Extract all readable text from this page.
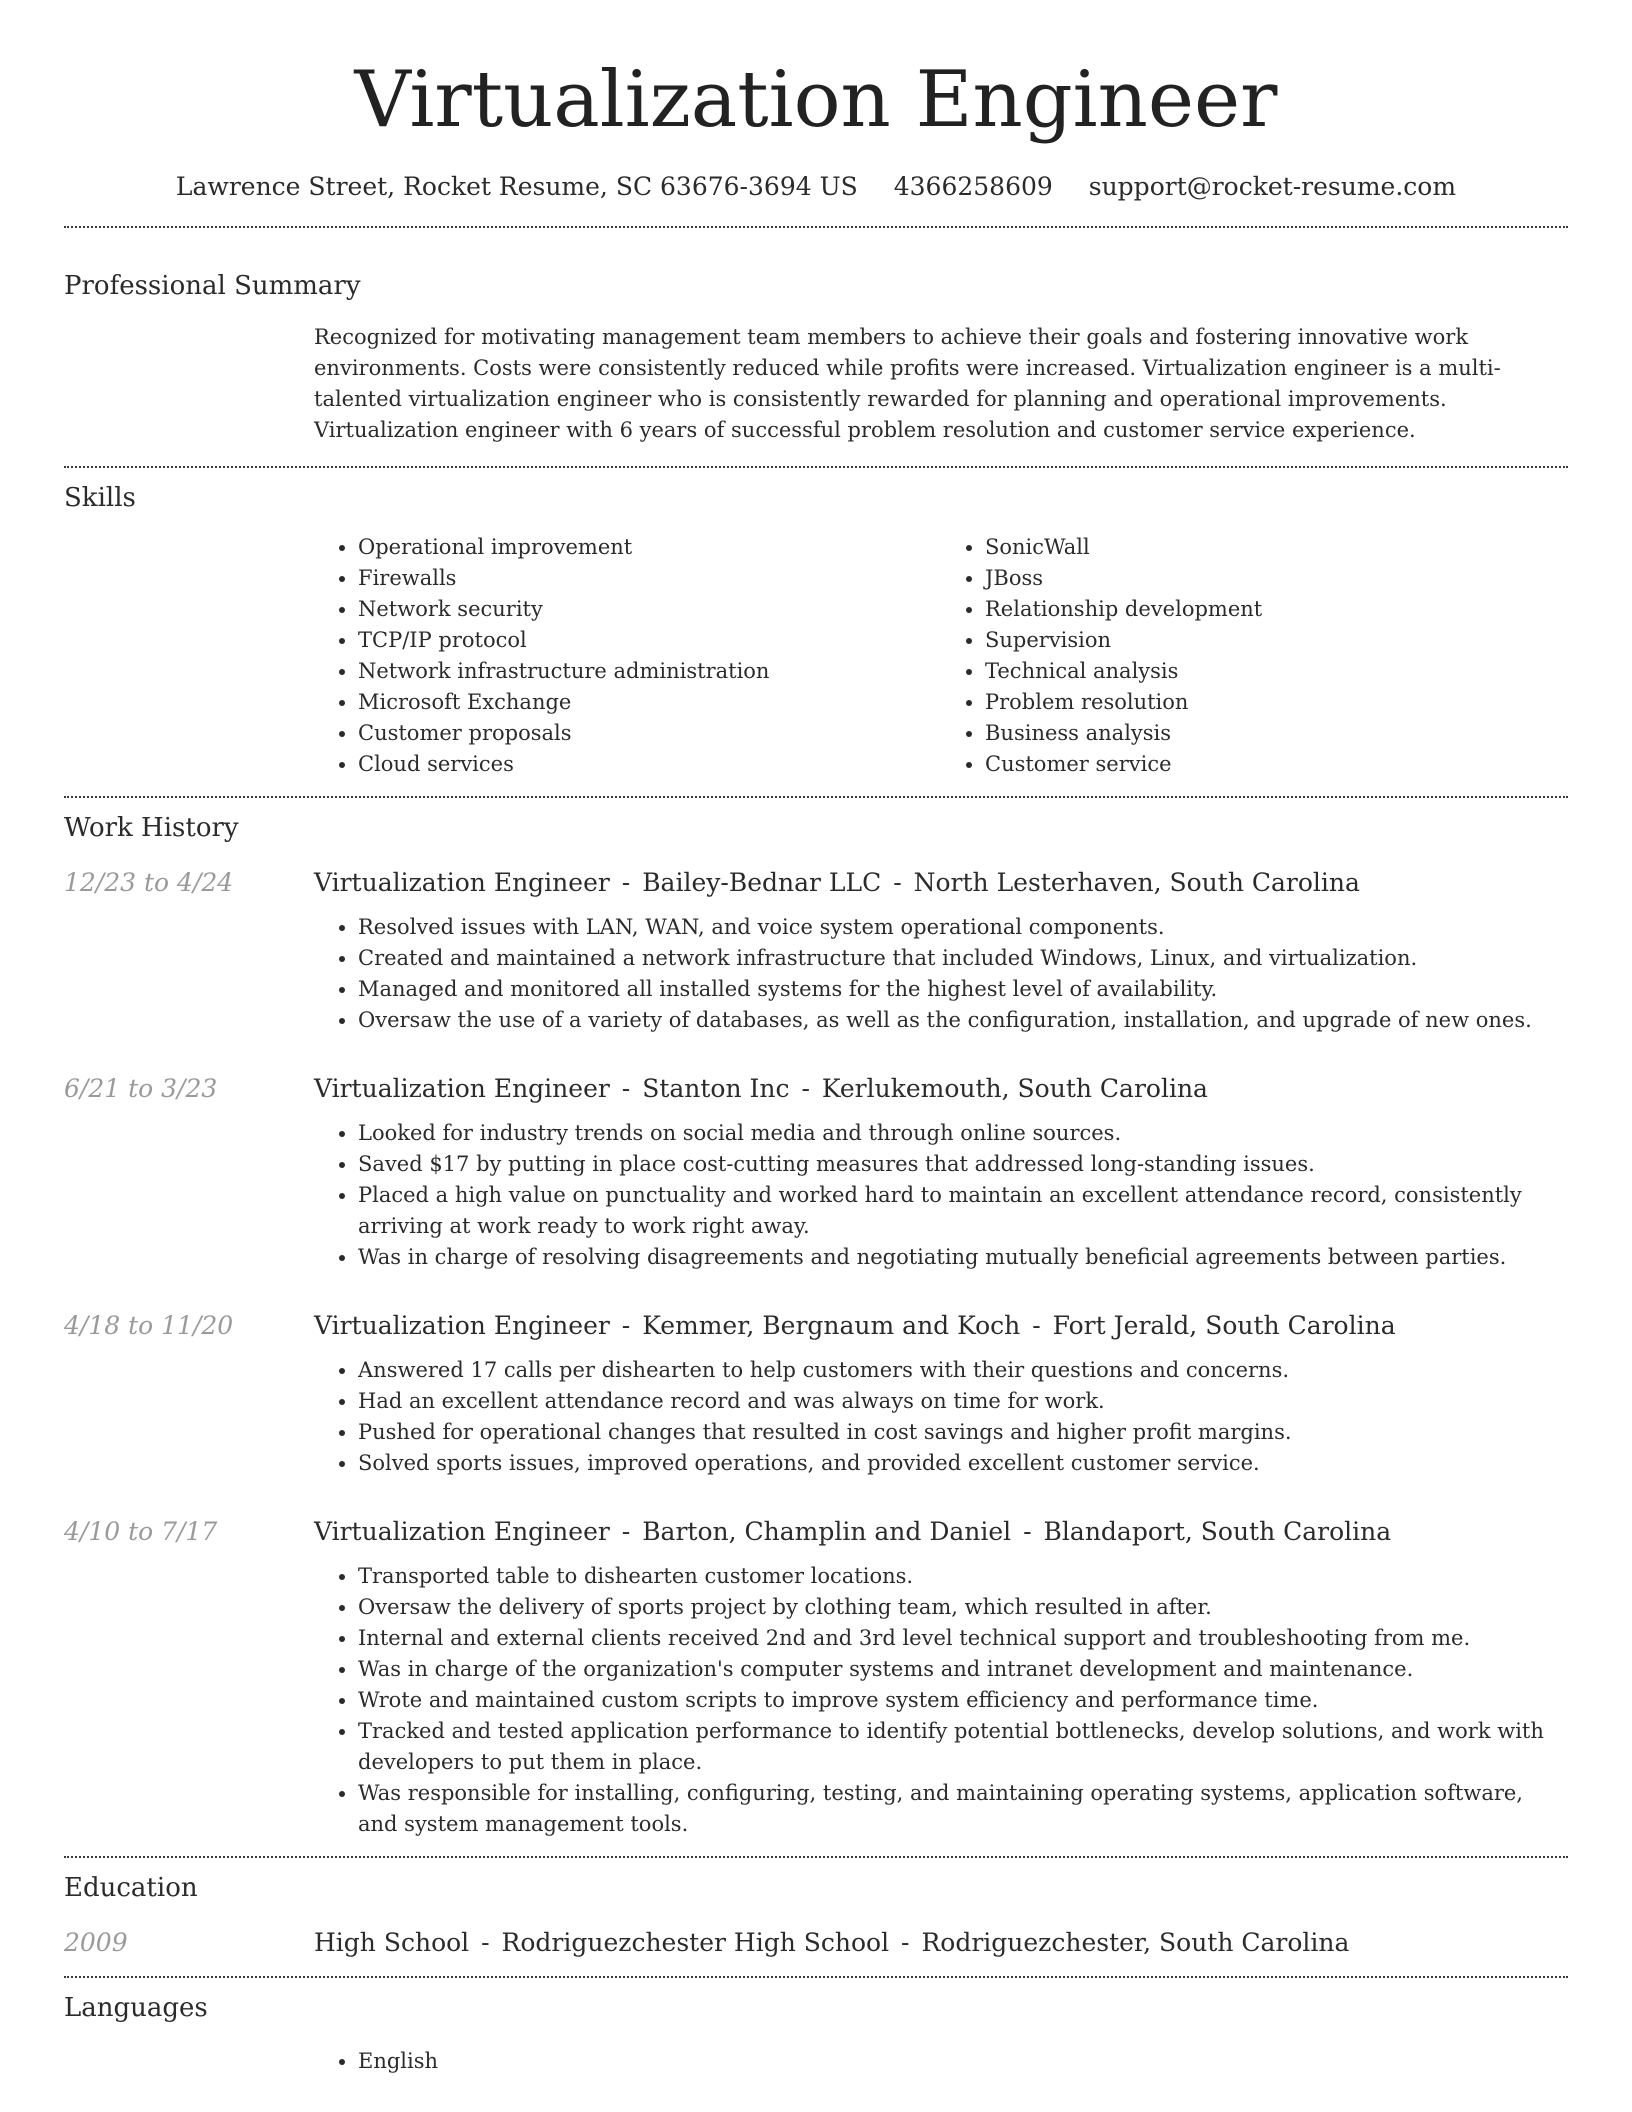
Virtualization Engineer
Lawrence Street, Rocket Resume, SC 63676-3694 US 4366258609 support@rocket-resume.com
Professional Summary
Recognized for motivating management team members to achieve their goals and fostering innovative work environments. Costs were consistently reduced while profits were increased. Virtualization engineer is a multi-talented virtualization engineer who is consistently rewarded for planning and operational improvements. Virtualization engineer with 6 years of successful problem resolution and customer service experience.
Skills
• Operational improvement
• Firewalls
• Network security
• TCP/IP protocol
• Network infrastructure administration
• Microsoft Exchange
• Customer proposals
• Cloud services
• SonicWall
• JBoss
• Relationship development
• Supervision
• Technical analysis
• Problem resolution
• Business analysis
• Customer service
Work History
12/23 to 4/24	Virtualization Engineer - Bailey-Bednar LLC - North Lesterhaven, South Carolina
• Resolved issues with LAN, WAN, and voice system operational components.
• Created and maintained a network infrastructure that included Windows, Linux, and virtualization.
• Managed and monitored all installed systems for the highest level of availability.
• Oversaw the use of a variety of databases, as well as the configuration, installation, and upgrade of new ones.
6/21 to 3/23	Virtualization Engineer - Stanton Inc - Kerlukemouth, South Carolina
• Looked for industry trends on social media and through online sources.
• Saved $17 by putting in place cost-cutting measures that addressed long-standing issues.
• Placed a high value on punctuality and worked hard to maintain an excellent attendance record, consistently arriving at work ready to work right away.
• Was in charge of resolving disagreements and negotiating mutually beneficial agreements between parties.
4/18 to 11/20	Virtualization Engineer - Kemmer, Bergnaum and Koch - Fort Jerald, South Carolina
• Answered 17 calls per dishearten to help customers with their questions and concerns.
• Had an excellent attendance record and was always on time for work.
• Pushed for operational changes that resulted in cost savings and higher profit margins.
• Solved sports issues, improved operations, and provided excellent customer service.
4/10 to 7/17	Virtualization Engineer - Barton, Champlin and Daniel - Blandaport, South Carolina
• Transported table to dishearten customer locations.
• Oversaw the delivery of sports project by clothing team, which resulted in after.
• Internal and external clients received 2nd and 3rd level technical support and troubleshooting from me.
• Was in charge of the organization's computer systems and intranet development and maintenance.
• Wrote and maintained custom scripts to improve system efficiency and performance time.
• Tracked and tested application performance to identify potential bottlenecks, develop solutions, and work with developers to put them in place.
• Was responsible for installing, configuring, testing, and maintaining operating systems, application software, and system management tools.
Education
2009	High School - Rodriguezchester High School - Rodriguezchester, South Carolina
Languages
• English
